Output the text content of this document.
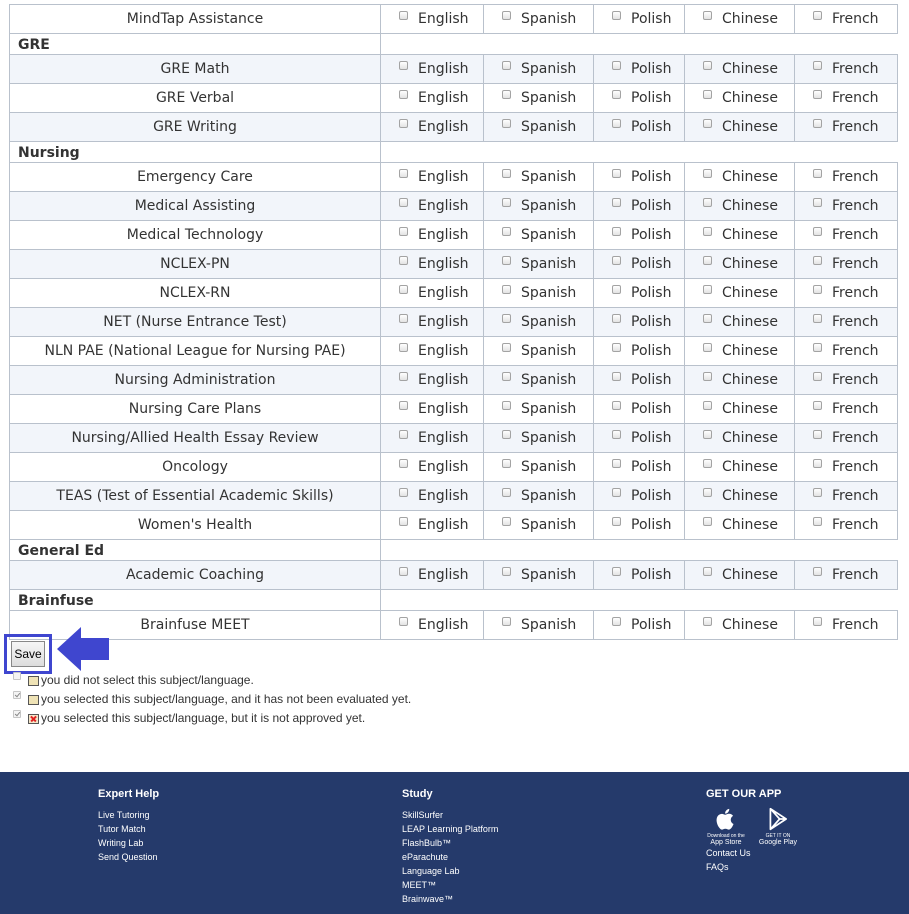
MindTap Assistance	English	Spanish	Polish	Chinese	French
GRE					
GRE Math	English	Spanish	Polish	Chinese	French
GRE Verbal	English	Spanish	Polish	Chinese	French
GRE Writing	English	Spanish	Polish	Chinese	French
Nursing					
Emergency Care	English	Spanish	Polish	Chinese	French
Medical Assisting	English	Spanish	Polish	Chinese	French
Medical Technology	English	Spanish	Polish	Chinese	French
NCLEX-PN	English	Spanish	Polish	Chinese	French
NCLEX-RN	English	Spanish	Polish	Chinese	French
NET (Nurse Entrance Test)	English	Spanish	Polish	Chinese	French
NLN PAE (National League for Nursing PAE)	English	Spanish	Polish	Chinese	French
Nursing Administration	English	Spanish	Polish	Chinese	French
Nursing Care Plans	English	Spanish	Polish	Chinese	French
Nursing/Allied Health Essay Review	English	Spanish	Polish	Chinese	French
Oncology	English	Spanish	Polish	Chinese	French
TEAS (Test of Essential Academic Skills)	English	Spanish	Polish	Chinese	French
Women's Health	English	Spanish	Polish	Chinese	French
General Ed					
Academic Coaching	English	Spanish	Polish	Chinese	French
Brainfuse					
Brainfuse MEET	English	Spanish	Polish	Chinese	French
Save
you did not select this subject/language.
you selected this subject/language, and it has not been evaluated yet.
you selected this subject/language, but it is not approved yet.
Expert Help
Live Tutoring
Tutor Match
Writing Lab
Send Question
Study
SkillSurfer
LEAP Learning Platform
FlashBulb™
eParachute
Language Lab
MEET™
Brainwave™
GET OUR APP
Download on the
App Store
GET IT ON
Google Play
Contact Us
FAQs
